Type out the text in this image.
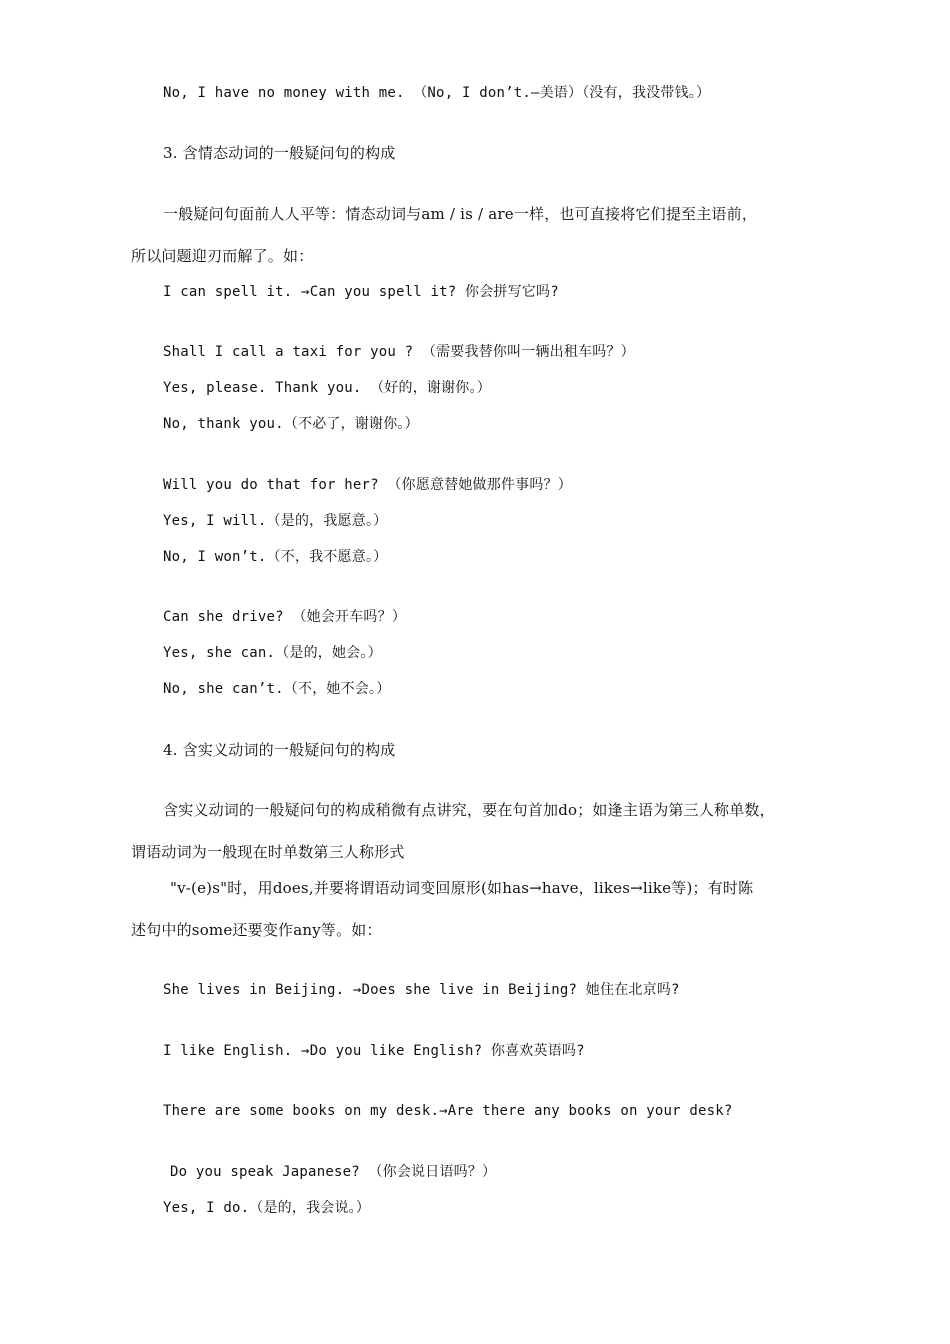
No, I have no money with me. （No, I don’t.—美语）（没有，我没带钱。）
3. 含情态动词的一般疑问句的构成
一般疑问句面前人人平等：情态动词与am / is / are一样，也可直接将它们提至主语前，
所以问题迎刃而解了。如：
I can spell it. →Can you spell it? 你会拼写它吗?
Shall I call a taxi for you ? （需要我替你叫一辆出租车吗？）
Yes, please. Thank you. （好的，谢谢你。）
No, thank you.（不必了，谢谢你。）
Will you do that for her? （你愿意替她做那件事吗？）
Yes, I will.（是的，我愿意。）
No, I won’t.（不，我不愿意。）
Can she drive? （她会开车吗？）
Yes, she can.（是的，她会。）
No, she can’t.（不，她不会。）
4. 含实义动词的一般疑问句的构成
含实义动词的一般疑问句的构成稍微有点讲究，要在句首加do；如逢主语为第三人称单数，
谓语动词为一般现在时单数第三人称形式
"v-(e)s"时，用does,并要将谓语动词变回原形(如has→have，likes→like等)；有时陈
述句中的some还要变作any等。如：
She lives in Beijing. →Does she live in Beijing? 她住在北京吗?
I like English. →Do you like English? 你喜欢英语吗?
There are some books on my desk.→Are there any books on your desk?
Do you speak Japanese? （你会说日语吗？）
Yes, I do.（是的，我会说。）
